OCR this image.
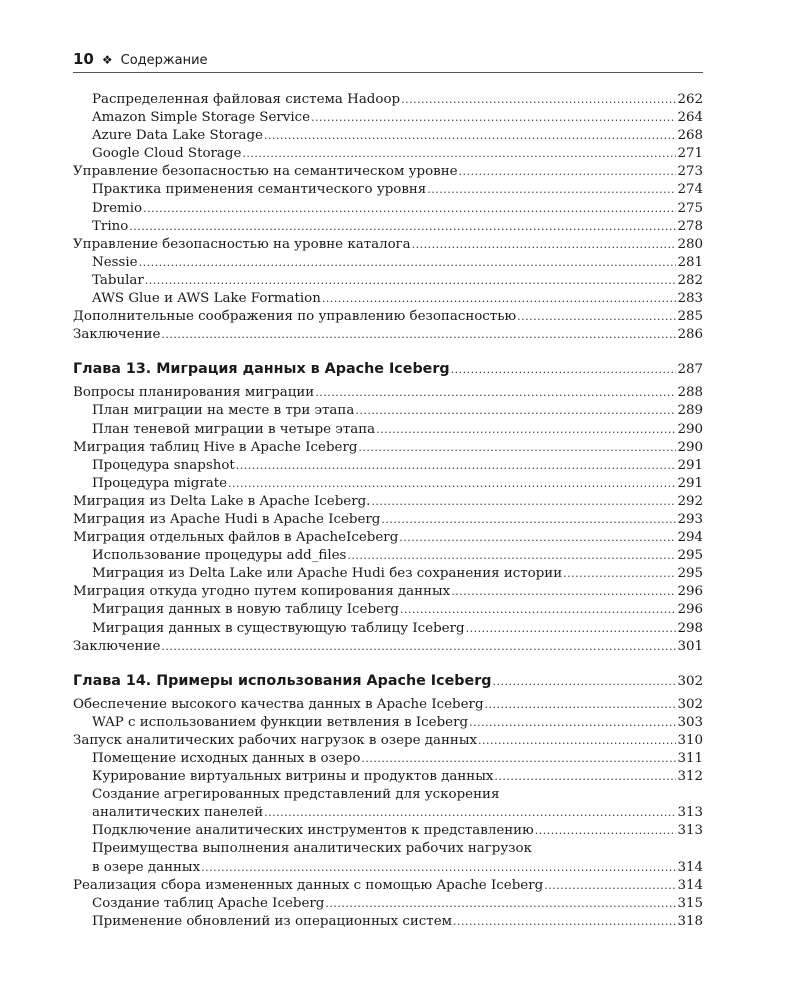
10 ❖ Содержание
Распределенная файловая система Hadoop .....	262
Amazon Simple Storage Service .....	264
Azure Data Lake Storage .....	268
Google Cloud Storage .....	271
Управление безопасностью на семантическом уровне .....	273
Практика применения семантического уровня .....	274
Dremio .....	275
Trino .....	278
Управление безопасностью на уровне каталога .....	280
Nessie .....	281
Tabular .....	282
AWS Glue и AWS Lake Formation .....	283
Дополнительные соображения по управлению безопасностью .....	285
Заключение .....	286
Глава 13. Миграция данных в Apache Iceberg .....	287
Вопросы планирования миграции .....	288
План миграции на месте в три этапа .....	289
План теневой миграции в четыре этапа .....	290
Миграция таблиц Hive в Apache Iceberg .....	290
Процедура snapshot .....	291
Процедура migrate .....	291
Миграция из Delta Lake в Apache Iceberg. .....	292
Миграция из Apache Hudi в Apache Iceberg .....	293
Миграция отдельных файлов в ApacheIceberg .....	294
Использование процедуры add_files .....	295
Миграция из Delta Lake или Apache Hudi без сохранения истории .....	295
Миграция откуда угодно путем копирования данных .....	296
Миграция данных в новую таблицу Iceberg .....	296
Миграция данных в существующую таблицу Iceberg .....	298
Заключение .....	301
Глава 14. Примеры использования Apache Iceberg .....	302
Обеспечение высокого качества данных в Apache Iceberg .....	302
WAP с использованием функции ветвления в Iceberg .....	303
Запуск аналитических рабочих нагрузок в озере данных .....	310
Помещение исходных данных в озеро .....	311
Курирование виртуальных витрины и продуктов данных .....	312
Создание агрегированных представлений для ускорения
аналитических панелей .....	313
Подключение аналитических инструментов к представлению .....	313
Преимущества выполнения аналитических рабочих нагрузок
в озере данных .....	314
Реализация сбора измененных данных с помощью Apache Iceberg .....	314
Создание таблиц Apache Iceberg .....	315
Применение обновлений из операционных систем .....	318
